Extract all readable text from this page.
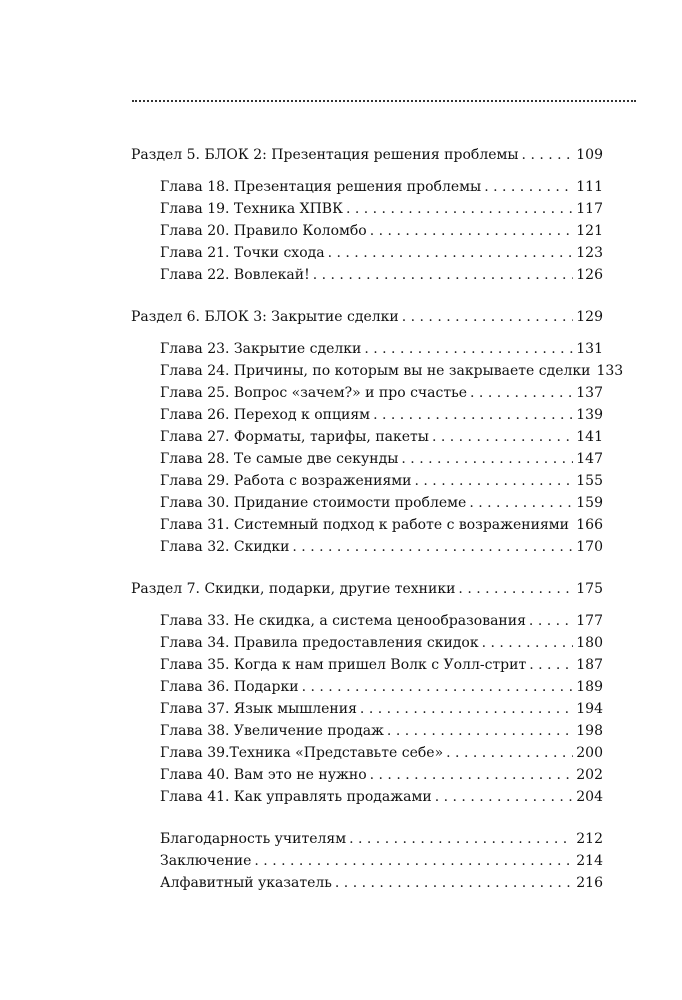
Раздел 5. БЛОК 2: Презентация решения проблемы . . .	109
Глава 18. Презентация решения проблемы . . .	111
Глава 19. Техника ХПВК . . .	117
Глава 20. Правило Коломбо . . .	121
Глава 21. Точки схода . . .	123
Глава 22. Вовлекай! . . .	126
Раздел 6. БЛОК 3: Закрытие сделки . . .	129
Глава 23. Закрытие сделки . . .	131
Глава 24. Причины, по которым вы не закрываете сделки 133
Глава 25. Вопрос «зачем?» и про счастье . . .	137
Глава 26. Переход к опциям . . .	139
Глава 27. Форматы, тарифы, пакеты . . .	141
Глава 28. Те самые две секунды . . .	147
Глава 29. Работа с возражениями . . .	155
Глава 30. Придание стоимости проблеме . . .	159
Глава 31. Системный подход к работе с возражениями . . . 166
Глава 32. Скидки . . .	170
Раздел 7. Скидки, подарки, другие техники . . .	175
Глава 33. Не скидка, а система ценообразования . . .	177
Глава 34. Правила предоставления скидок . . .	180
Глава 35. Когда к нам пришел Волк с Уолл-стрит . . .	187
Глава 36. Подарки . . .	189
Глава 37. Язык мышления . . .	194
Глава 38. Увеличение продаж . . .	198
Глава 39.Техника «Представьте себе» . . .	200
Глава 40. Вам это не нужно . . .	202
Глава 41. Как управлять продажами . . .	204
Благодарность учителям . . .	212
Заключение . . .	214
Алфавитный указатель . . .	216
